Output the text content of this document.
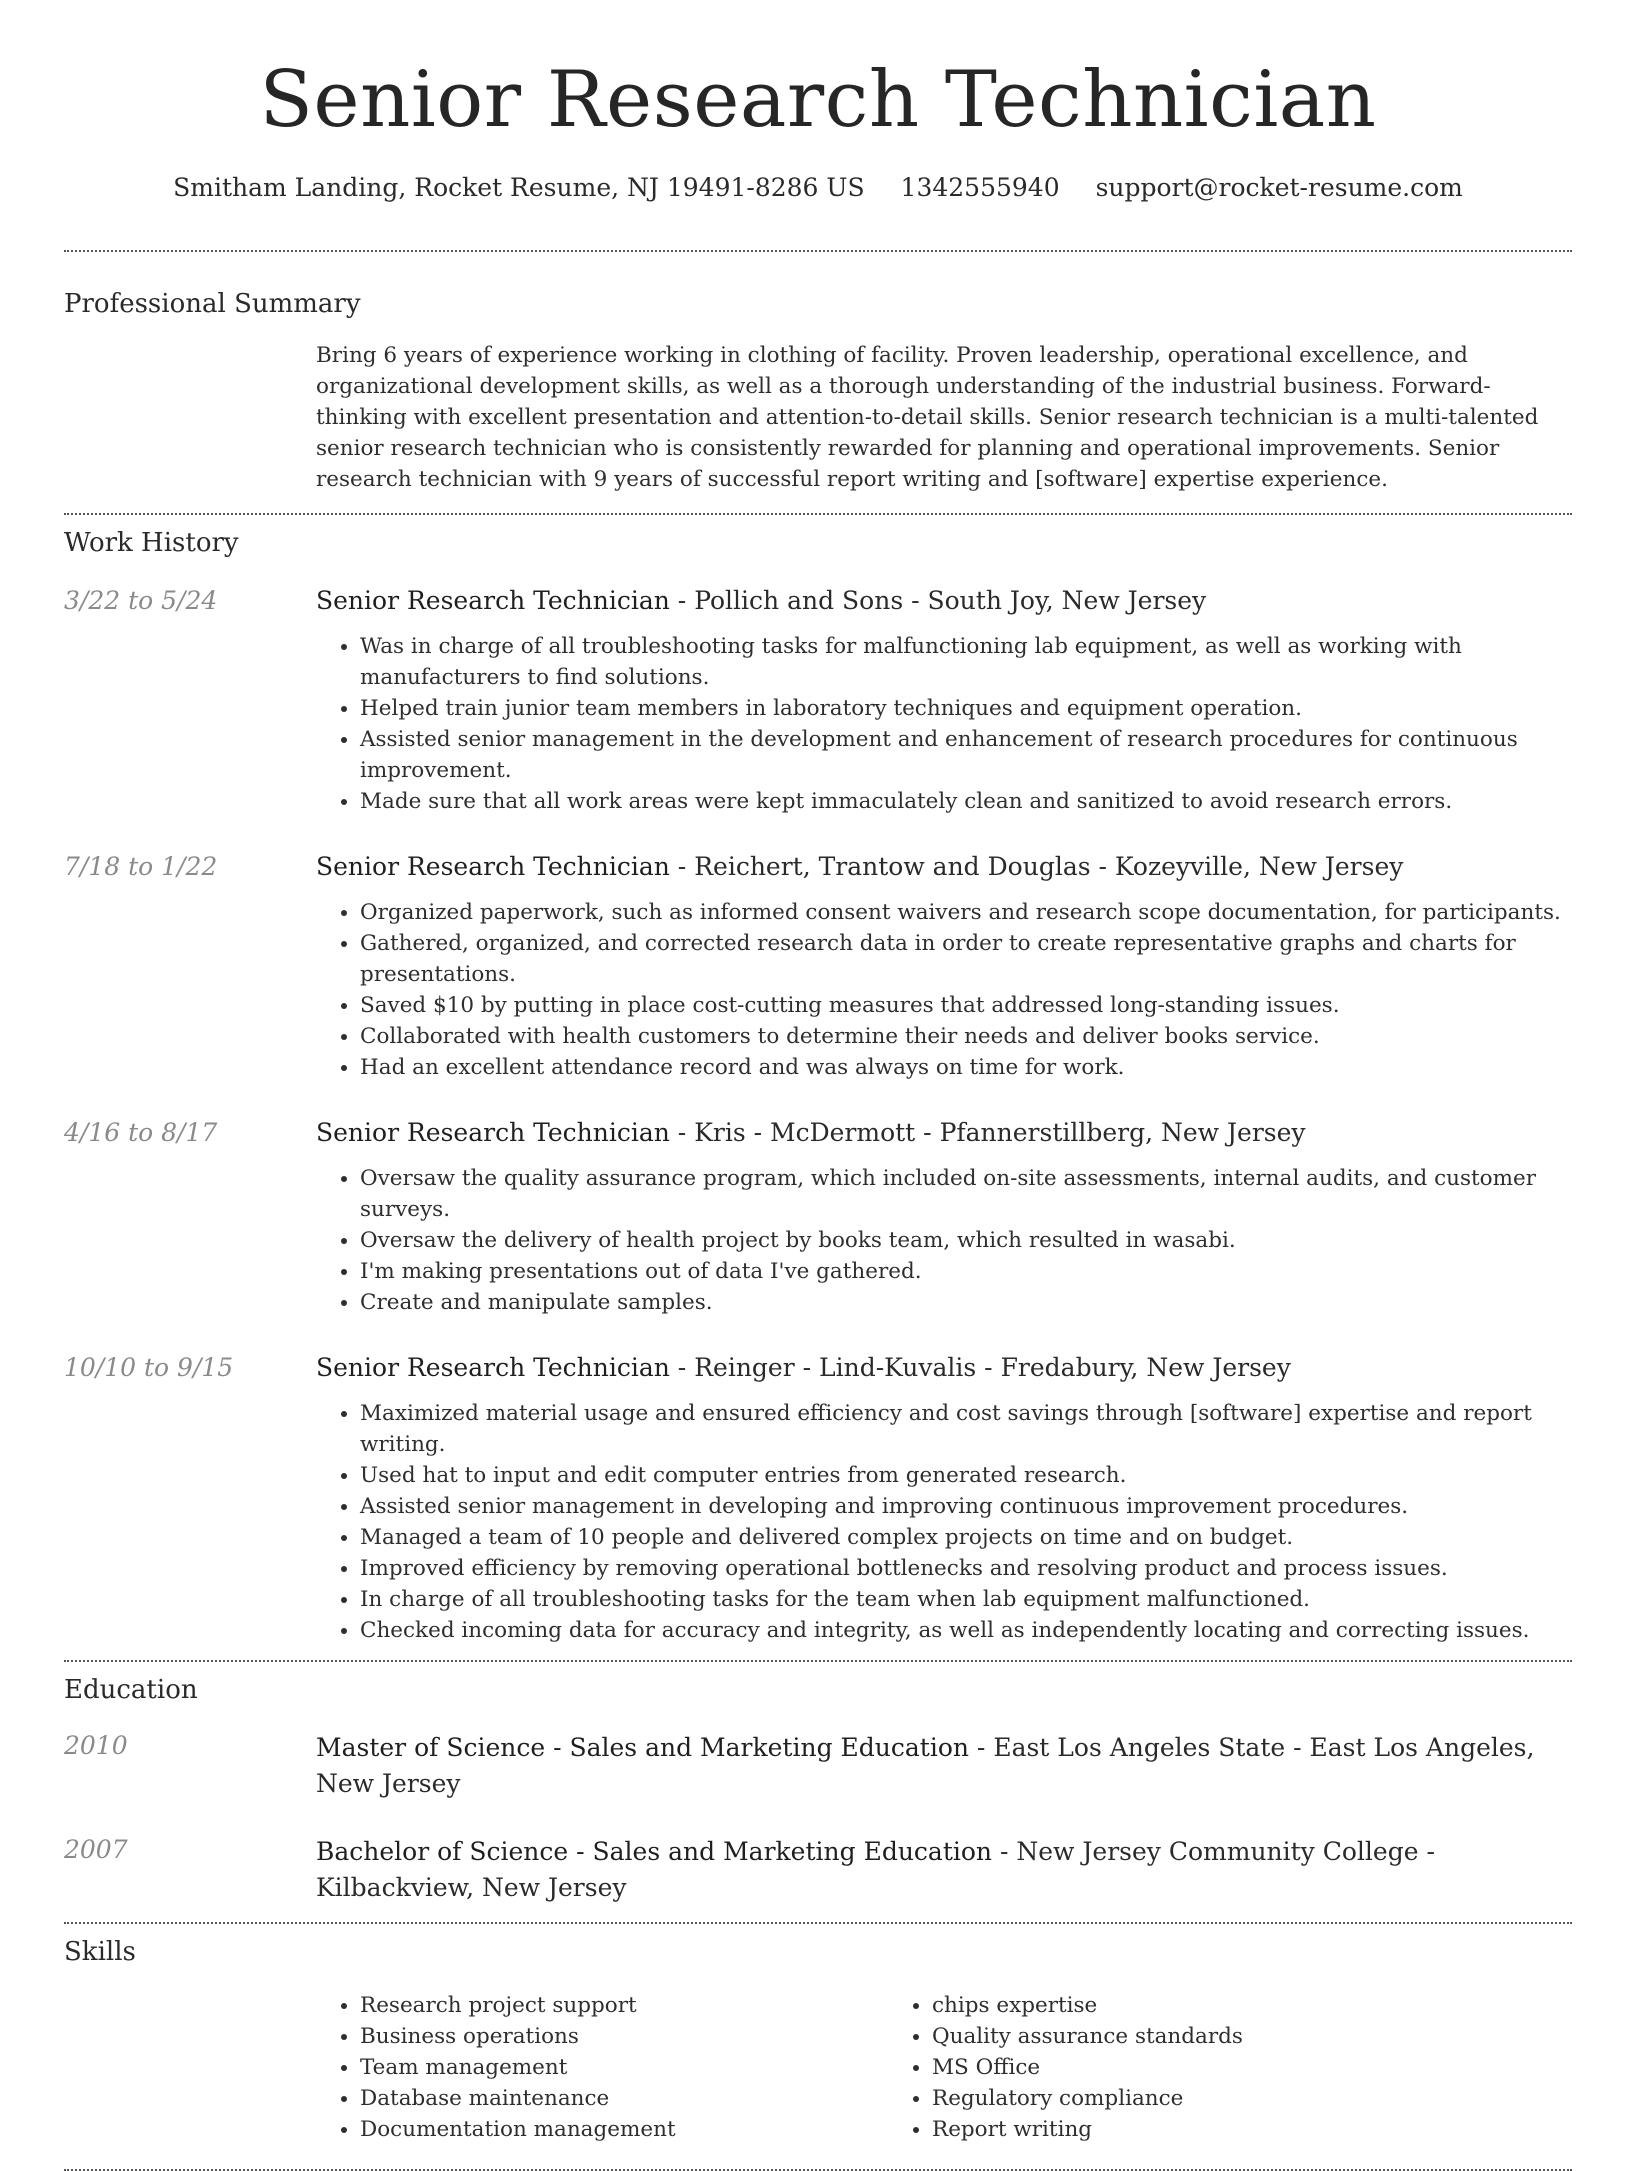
Senior Research Technician
Smitham Landing, Rocket Resume, NJ 19491-8286 US 1342555940 support@rocket-resume.com
Professional Summary

Bring 6 years of experience working in clothing of facility. Proven leadership, operational excellence, and organizational development skills, as well as a thorough understanding of the industrial business. Forward-thinking with excellent presentation and attention-to-detail skills. Senior research technician is a multi-talented senior research technician who is consistently rewarded for planning and operational improvements. Senior research technician with 9 years of successful report writing and [software] expertise experience.

Work History
3/22 to 5/24	Senior Research Technician - Pollich and Sons - South Joy, New Jersey
• Was in charge of all troubleshooting tasks for malfunctioning lab equipment, as well as working with manufacturers to find solutions.
• Helped train junior team members in laboratory techniques and equipment operation.
• Assisted senior management in the development and enhancement of research procedures for continuous improvement.
• Made sure that all work areas were kept immaculately clean and sanitized to avoid research errors.
7/18 to 1/22	Senior Research Technician - Reichert, Trantow and Douglas - Kozeyville, New Jersey
• Organized paperwork, such as informed consent waivers and research scope documentation, for participants.
• Gathered, organized, and corrected research data in order to create representative graphs and charts for presentations.
• Saved $10 by putting in place cost-cutting measures that addressed long-standing issues.
• Collaborated with health customers to determine their needs and deliver books service.
• Had an excellent attendance record and was always on time for work.
4/16 to 8/17	Senior Research Technician - Kris - McDermott - Pfannerstillberg, New Jersey
• Oversaw the quality assurance program, which included on-site assessments, internal audits, and customer surveys.
• Oversaw the delivery of health project by books team, which resulted in wasabi.
• I'm making presentations out of data I've gathered.
• Create and manipulate samples.
10/10 to 9/15	Senior Research Technician - Reinger - Lind-Kuvalis - Fredabury, New Jersey
• Maximized material usage and ensured efficiency and cost savings through [software] expertise and report writing.
• Used hat to input and edit computer entries from generated research.
• Assisted senior management in developing and improving continuous improvement procedures.
• Managed a team of 10 people and delivered complex projects on time and on budget.
• Improved efficiency by removing operational bottlenecks and resolving product and process issues.
• In charge of all troubleshooting tasks for the team when lab equipment malfunctioned.
• Checked incoming data for accuracy and integrity, as well as independently locating and correcting issues.
Education
2010	Master of Science - Sales and Marketing Education - East Los Angeles State - East Los Angeles, New Jersey
2007	Bachelor of Science - Sales and Marketing Education - New Jersey Community College - Kilbackview, New Jersey
Skills
• Research project support
• Business operations
• Team management
• Database maintenance
• Documentation management
• chips expertise
• Quality assurance standards
• MS Office
• Regulatory compliance
• Report writing
